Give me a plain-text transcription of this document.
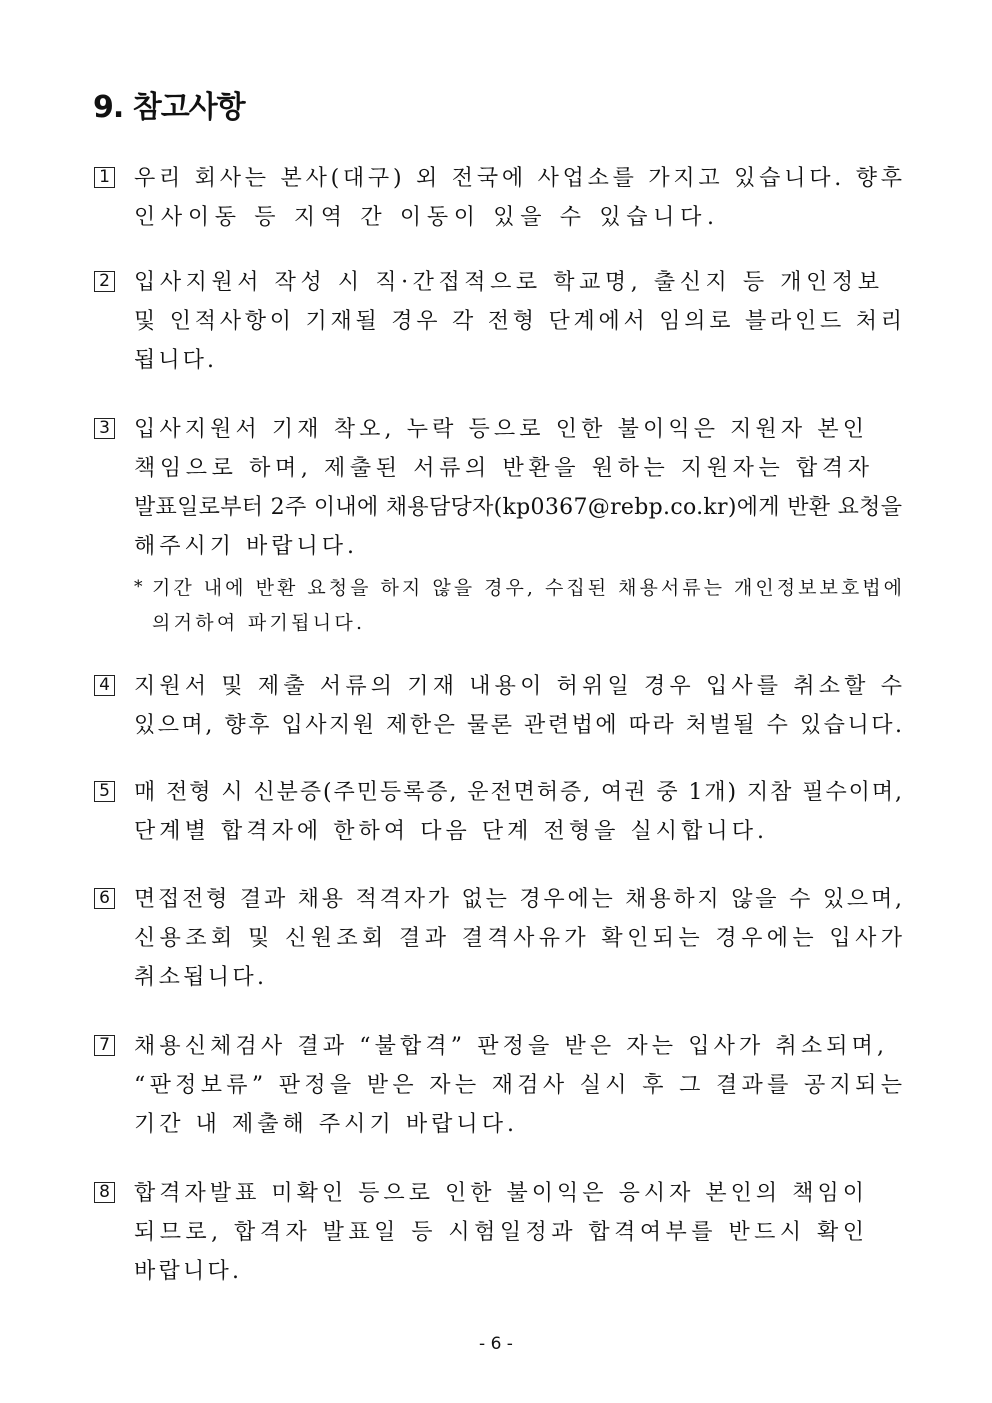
9. 참고사항
1 우리 회사는 본사(대구) 외 전국에 사업소를 가지고 있습니다. 향후
인사이동 등 지역 간 이동이 있을 수 있습니다.
2 입사지원서 작성 시 직·간접적으로 학교명, 출신지 등 개인정보
및 인적사항이 기재될 경우 각 전형 단계에서 임의로 블라인드 처리
됩니다.
3 입사지원서 기재 착오, 누락 등으로 인한 불이익은 지원자 본인
책임으로 하며, 제출된 서류의 반환을 원하는 지원자는 합격자
발표일로부터 2주 이내에 채용담당자(kp0367@rebp.co.kr)에게 반환 요청을
해주시기 바랍니다.
* 기간 내에 반환 요청을 하지 않을 경우, 수집된 채용서류는 개인정보보호법에
의거하여 파기됩니다.
4 지원서 및 제출 서류의 기재 내용이 허위일 경우 입사를 취소할 수
있으며, 향후 입사지원 제한은 물론 관련법에 따라 처벌될 수 있습니다.
5 매 전형 시 신분증(주민등록증, 운전면허증, 여권 중 1개) 지참 필수이며,
단계별 합격자에 한하여 다음 단계 전형을 실시합니다.
6 면접전형 결과 채용 적격자가 없는 경우에는 채용하지 않을 수 있으며,
신용조회 및 신원조회 결과 결격사유가 확인되는 경우에는 입사가
취소됩니다.
7 채용신체검사 결과 “불합격” 판정을 받은 자는 입사가 취소되며,
“판정보류” 판정을 받은 자는 재검사 실시 후 그 결과를 공지되는
기간 내 제출해 주시기 바랍니다.
8 합격자발표 미확인 등으로 인한 불이익은 응시자 본인의 책임이
되므로, 합격자 발표일 등 시험일정과 합격여부를 반드시 확인
바랍니다.
- 6 -
